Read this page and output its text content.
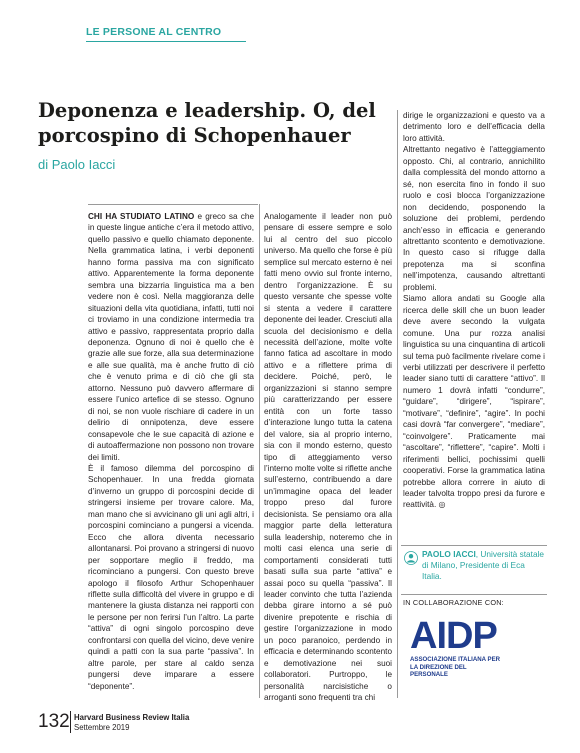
LE PERSONE AL CENTRO
Deponenza e leadership. O, del porcospino di Schopenhauer
di Paolo Iacci

CHI HA STUDIATO LATINO e greco sa che in queste lingue antiche c’era il metodo attivo, quello passivo e quello chiamato deponente. Nella grammatica latina, i verbi deponenti hanno forma passiva ma con significato attivo. Apparentemente la forma deponente sembra una bizzarria linguistica ma a ben vedere non è così. Nella maggioranza delle situazioni della vita quotidiana, infatti, tutti noi ci troviamo in una condizione intermedia tra attivo e passivo, rappresentata proprio dalla deponenza. Ognuno di noi è quello che è grazie alle sue forze, alla sua determinazione e alle sue qualità, ma è anche frutto di ciò che è venuto prima e di ciò che gli sta attorno. Nessuno può davvero affermare di essere l’unico artefice di se stesso. Ognuno di noi, se non vuole rischiare di cadere in un delirio di onnipotenza, deve essere consapevole che le sue capacità di azione e di autoaffermazione non possono non trovare dei limiti.

È il famoso dilemma del porcospino di Schopenhauer. In una fredda giornata d’inverno un gruppo di porcospini decide di stringersi insieme per trovare calore. Ma, man mano che si avvicinano gli uni agli altri, i porcospini cominciano a pungersi a vicenda. Ecco che allora diventa necessario allontanarsi. Poi provano a stringersi di nuovo per sopportare meglio il freddo, ma ricominciano a pungersi. Con questo breve apologo il filosofo Arthur Schopenhauer riflette sulla difficoltà del vivere in gruppo e di mantenere la giusta distanza nei rapporti con le persone per non ferirsi l’un l’altro. La parte “attiva” di ogni singolo porcospino deve confrontarsi con quella del vicino, deve venire quindi a patti con la sua parte “passiva”. In altre parole, per stare al caldo senza pungersi deve imparare a essere “deponente”.

Analogamente il leader non può pensare di essere sempre e solo lui al centro del suo piccolo universo. Ma quello che forse è più semplice sul mercato esterno è nei fatti meno ovvio sul fronte interno, dentro l’organizzazione. È su questo versante che spesse volte si stenta a vedere il carattere deponente dei leader. Cresciuti alla scuola del decisionismo e della necessità dell’azione, molte volte fanno fatica ad ascoltare in modo attivo e a riflettere prima di decidere. Poiché, però, le organizzazioni si stanno sempre più caratterizzando per essere entità con un forte tasso d’interazione lungo tutta la catena del valore, sia al proprio interno, sia con il mondo esterno, questo tipo di atteggiamento verso l’interno molte volte si riflette anche sull’esterno, contribuendo a dare un’immagine opaca del leader troppo preso dal furore decisionista. Se pensiamo ora alla maggior parte della letteratura sulla leadership, noteremo che in molti casi elenca una serie di comportamenti considerati tutti basati sulla sua parte “attiva” e assai poco su quella “passiva”. Il leader convinto che tutta l’azienda debba girare intorno a sé può divenire prepotente e rischia di gestire l’organizzazione in modo un poco paranoico, perdendo in efficacia e determinando scontento e demotivazione nei suoi collaboratori. Purtroppo, le personalità narcisistiche o arroganti sono frequenti tra chi

dirige le organizzazioni e questo va a detrimento loro e dell’efficacia della loro attività.

Altrettanto negativo è l’atteggiamento opposto. Chi, al contrario, annichilito dalla complessità del mondo attorno a sé, non esercita fino in fondo il suo ruolo e così blocca l’organizzazione non decidendo, posponendo la soluzione dei problemi, perdendo anch’esso in efficacia e generando altrettanto scontento e demotivazione. In questo caso si rifugge dalla prepotenza ma si sconfina nell’impotenza, causando altrettanti problemi.

Siamo allora andati su Google alla ricerca delle skill che un buon leader deve avere secondo la vulgata comune. Una pur rozza analisi linguistica su una cinquantina di articoli sul tema può facilmente rivelare come i verbi utilizzati per descrivere il perfetto leader siano tutti di carattere “attivo”. Il numero 1 dovrà infatti “condurre”, “guidare”, “dirigere”, “ispirare”, “motivare”, “definire”, “agire”. In pochi casi dovrà “far convergere”, “mediare”, “coinvolgere”. Praticamente mai “ascoltare”, “riflettere”, “capire”. Molti i riferimenti bellici, pochissimi quelli cooperativi. Forse la grammatica latina potrebbe allora correre in aiuto di leader talvolta troppo presi da furore e reattività. ◎

PAOLO IACCI, Università statale di Milano, Presidente di Eca Italia.
IN COLLABORAZIONE CON:
AIDP
ASSOCIAZIONE ITALIANA PER
LA DIREZIONE DEL PERSONALE
132 Harvard Business Review Italia
Settembre 2019
